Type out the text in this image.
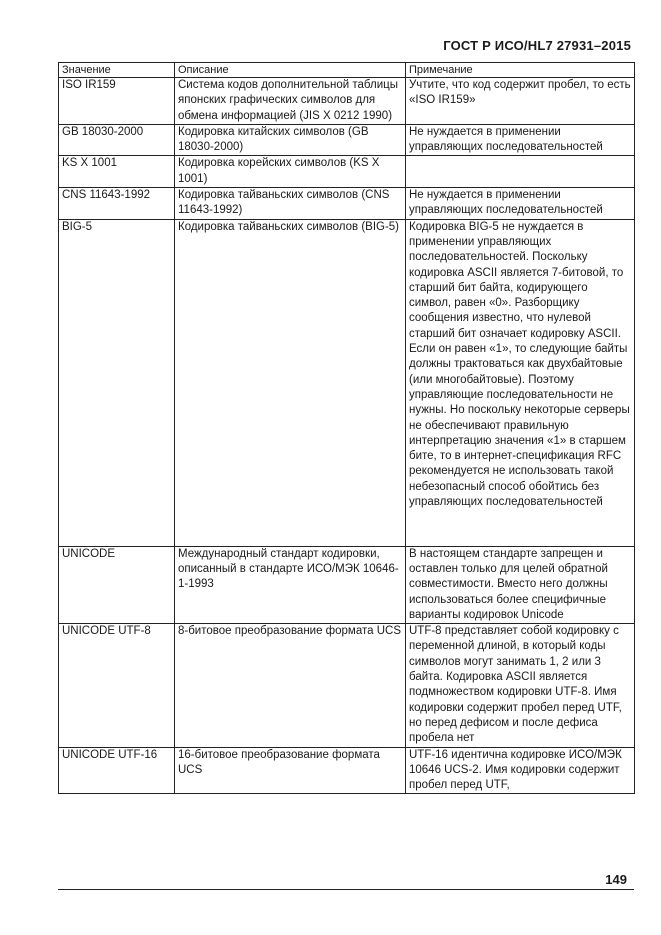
ГОСТ Р ИСО/HL7 27931–2015
Значение	Описание	Примечание
ISO IR159	Система кодов дополнительной таблицы японских графических символов для обмена информацией (JIS X 0212 1990)	Учтите, что код содержит пробел, то есть «ISO IR159»
GB 18030-2000	Кодировка китайских символов (GB 18030-2000)	Не нуждается в применении управляющих последовательностей
KS X 1001	Кодировка корейских символов (KS X 1001)	
CNS 11643-1992	Кодировка тайваньских символов (CNS 11643-1992)	Не нуждается в применении управляющих последовательностей
BIG-5	Кодировка тайваньских символов (BIG-5)	Кодировка BIG-5 не нуждается в применении управляющих последовательностей. Поскольку кодировка ASCII является 7-битовой, то старший бит байта, кодирующего символ, равен «0». Разборщику сообщения известно, что нулевой старший бит означает кодировку ASCII. Если он равен «1», то следующие байты должны трактоваться как двухбайтовые (или многобайтовые). Поэтому управляющие последовательности не нужны. Но поскольку некоторые серверы не обеспечивают правильную интерпретацию значения «1» в старшем бите, то в интернет-спецификация RFC рекомендуется не использовать такой небезопасный способ обойтись без управляющих последовательностей
UNICODE	Международный стандарт кодировки, описанный в стандарте ИСО/МЭК 10646-1-1993	В настоящем стандарте запрещен и оставлен только для целей обратной совместимости. Вместо него должны использоваться более специфичные варианты кодировок Unicode
UNICODE UTF-8	8-битовое преобразование формата UCS	UTF-8 представляет собой кодировку с переменной длиной, в который коды символов могут занимать 1, 2 или 3 байта. Кодировка ASCII является подмножеством кодировки UTF-8. Имя кодировки содержит пробел перед UTF, но перед дефисом и после дефиса пробела нет
UNICODE UTF-16	16-битовое преобразование формата UCS	UTF-16 идентична кодировке ИСО/МЭК 10646 UCS-2. Имя кодировки содержит пробел перед UTF,
149
